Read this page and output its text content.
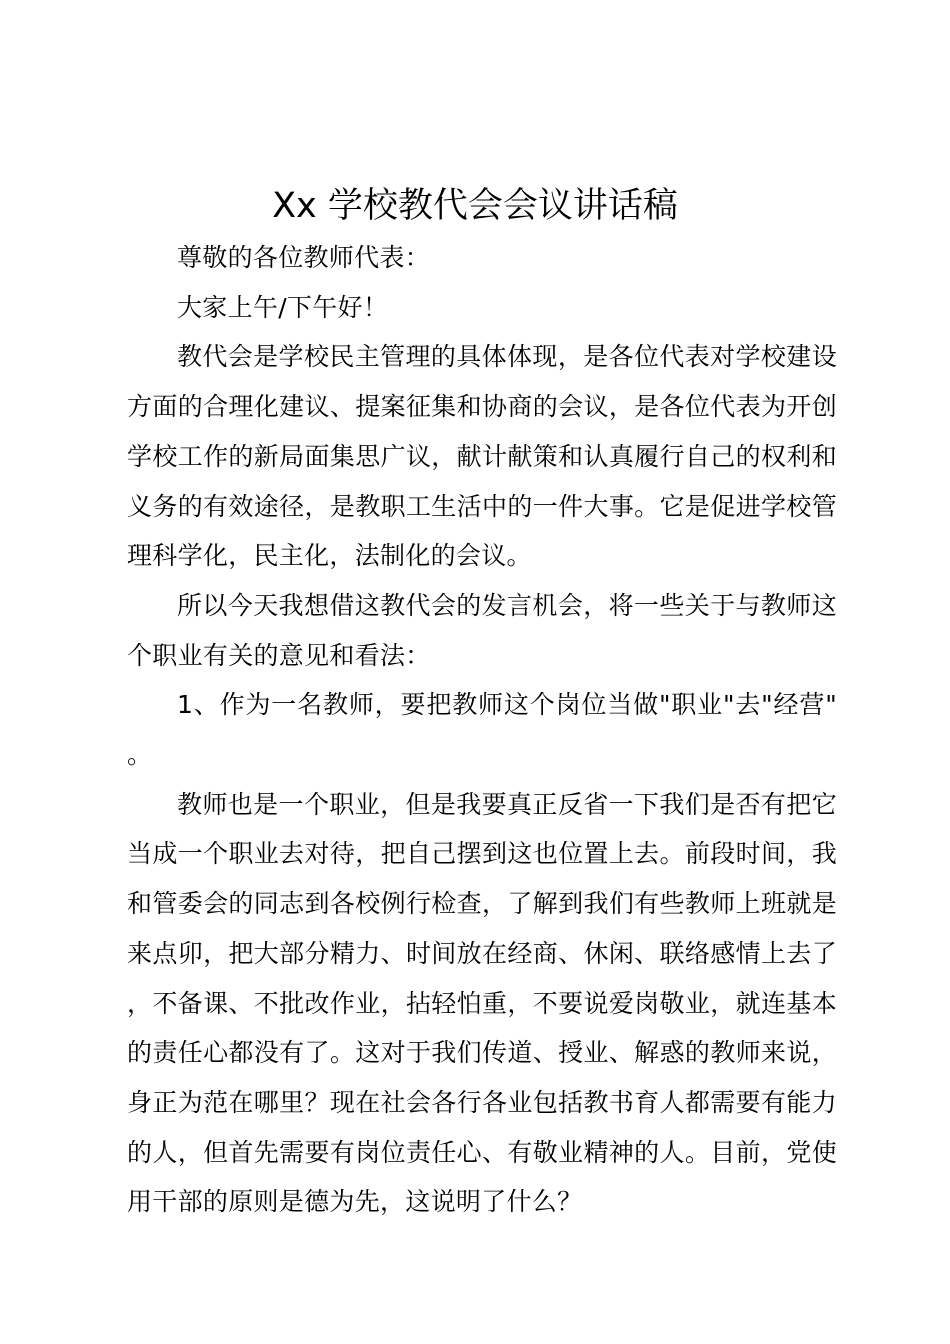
Xx 学校教代会会议讲话稿

尊敬的各位教师代表：

大家上午/下午好！

教代会是学校民主管理的具体体现，是各位代表对学校建设方面的合理化建议、提案征集和协商的会议，是各位代表为开创学校工作的新局面集思广议，献计献策和认真履行自己的权利和义务的有效途径，是教职工生活中的一件大事。它是促进学校管理科学化，民主化，法制化的会议。

所以今天我想借这教代会的发言机会，将一些关于与教师这个职业有关的意见和看法：

1、作为一名教师，要把教师这个岗位当做"职业"去"经营"。

教师也是一个职业，但是我要真正反省一下我们是否有把它当成一个职业去对待，把自己摆到这也位置上去。前段时间，我和管委会的同志到各校例行检查，了解到我们有些教师上班就是来点卯，把大部分精力、时间放在经商、休闲、联络感情上去了，不备课、不批改作业，拈轻怕重，不要说爱岗敬业，就连基本的责任心都没有了。这对于我们传道、授业、解惑的教师来说，身正为范在哪里？现在社会各行各业包括教书育人都需要有能力的人，但首先需要有岗位责任心、有敬业精神的人。目前，党使用干部的原则是德为先，这说明了什么？
